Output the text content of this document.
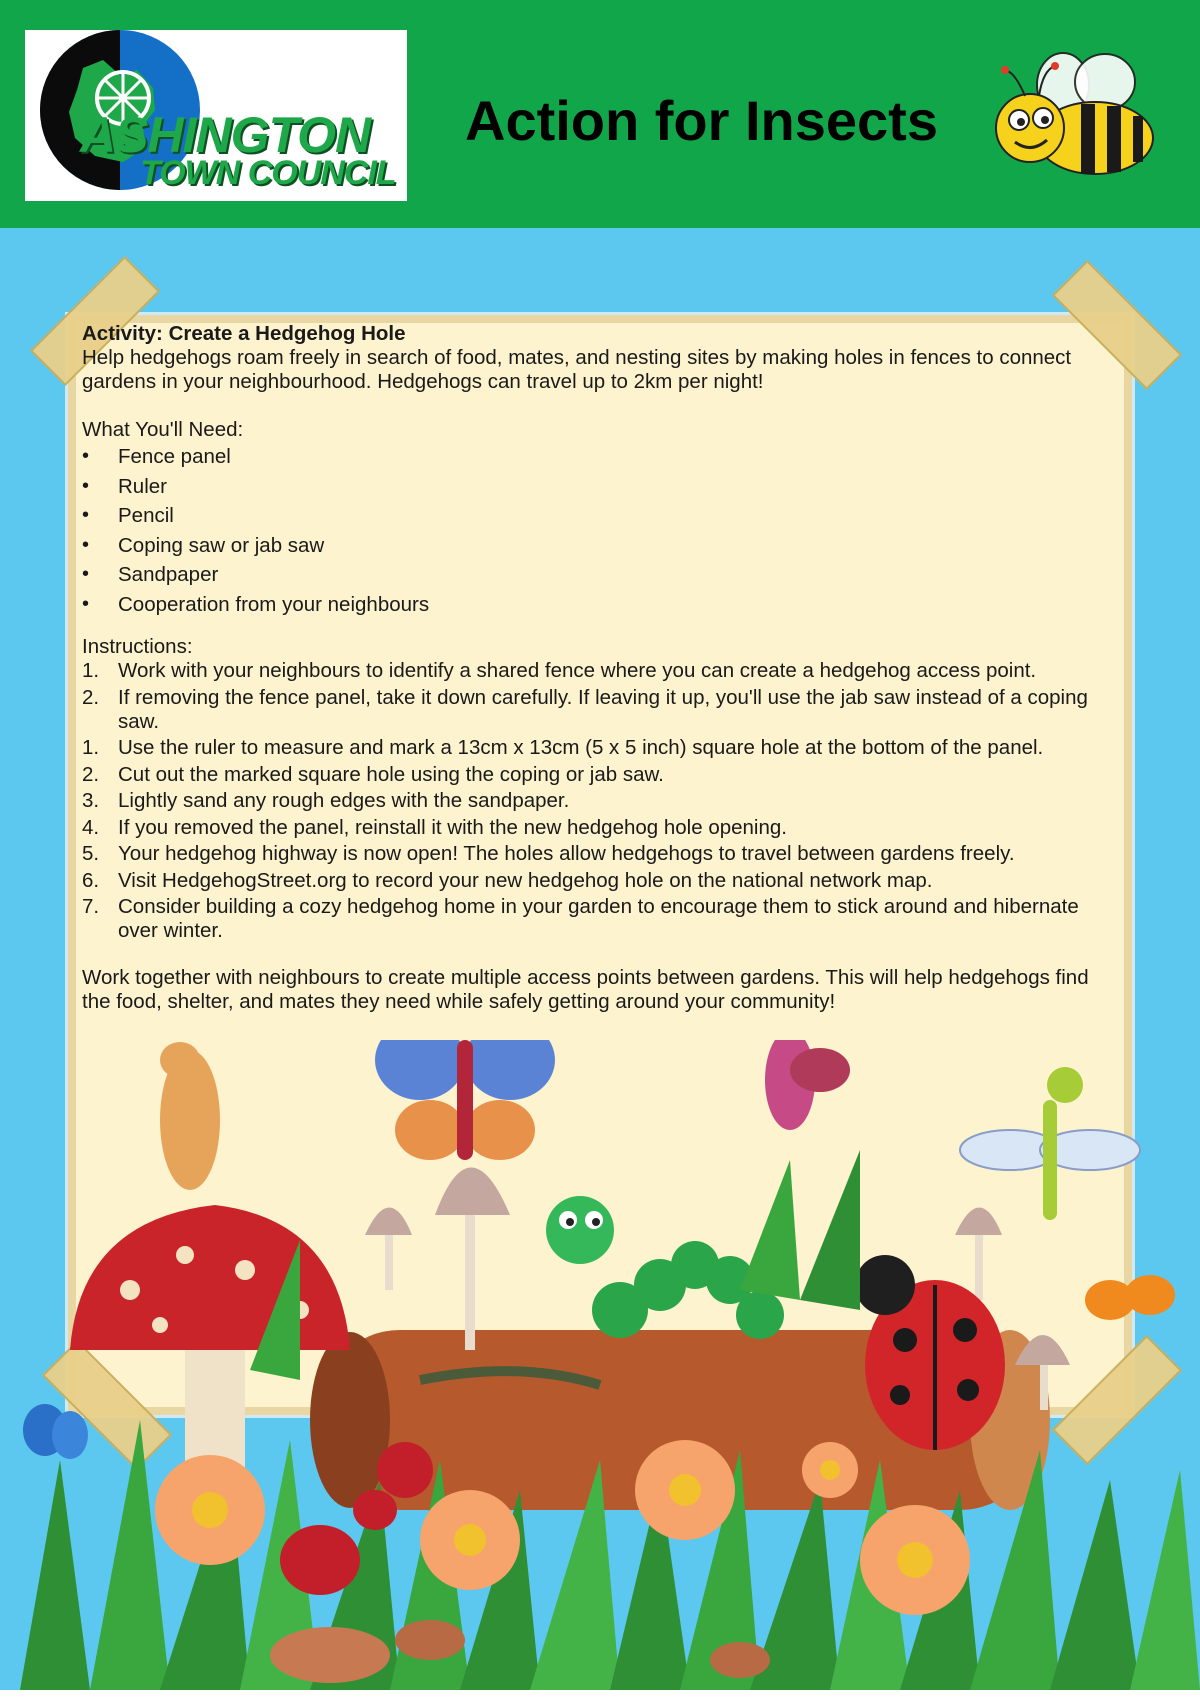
ASHINGTON
TOWN COUNCIL
Action for Insects

Activity: Create a Hedgehog Hole

Help hedgehogs roam freely in search of food, mates, and nesting sites by making holes in fences to connect gardens in your neighbourhood. Hedgehogs can travel up to 2km per night!

What You'll Need:

• Fence panel
• Ruler
• Pencil
• Coping saw or jab saw
• Sandpaper
• Cooperation from your neighbours

Instructions:

1. Work with your neighbours to identify a shared fence where you can create a hedgehog access point.
2. If removing the fence panel, take it down carefully. If leaving it up, you'll use the jab saw instead of a coping saw.
1. Use the ruler to measure and mark a 13cm x 13cm (5 x 5 inch) square hole at the bottom of the panel.
2. Cut out the marked square hole using the coping or jab saw.
3. Lightly sand any rough edges with the sandpaper.
4. If you removed the panel, reinstall it with the new hedgehog hole opening.
5. Your hedgehog highway is now open! The holes allow hedgehogs to travel between gardens freely.
6. Visit HedgehogStreet.org to record your new hedgehog hole on the national network map.
7. Consider building a cozy hedgehog home in your garden to encourage them to stick around and hibernate over winter.

Work together with neighbours to create multiple access points between gardens. This will help hedgehogs find the food, shelter, and mates they need while safely getting around your community!
